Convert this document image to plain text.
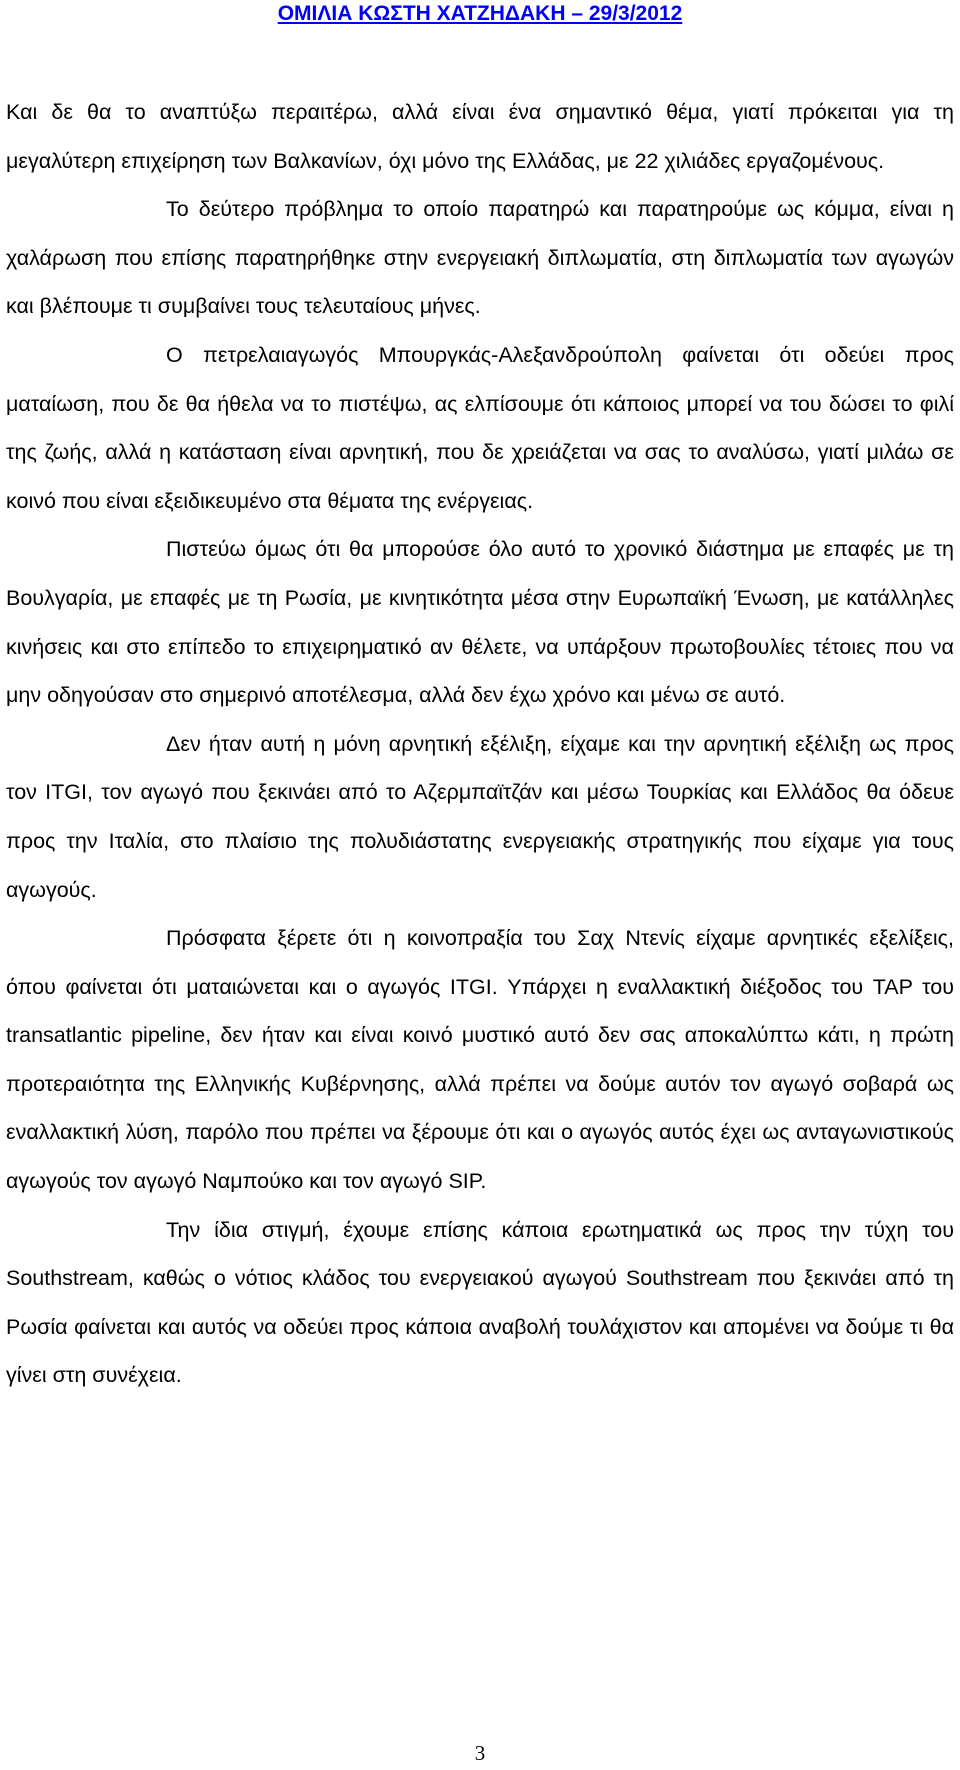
ΟΜΙΛΙΑ ΚΩΣΤΗ ΧΑΤΖΗΔΑΚΗ – 29/3/2012

Και δε θα το αναπτύξω περαιτέρω, αλλά είναι ένα σημαντικό θέμα, γιατί πρόκειται για τη μεγαλύτερη επιχείρηση των Βαλκανίων, όχι μόνο της Ελλάδας, με 22 χιλιάδες εργαζομένους.

Το δεύτερο πρόβλημα το οποίο παρατηρώ και παρατηρούμε ως κόμμα, είναι η χαλάρωση που επίσης παρατηρήθηκε στην ενεργειακή διπλωματία, στη διπλωματία των αγωγών και βλέπουμε τι συμβαίνει τους τελευταίους μήνες.

Ο πετρελαιαγωγός Μπουργκάς-Αλεξανδρούπολη φαίνεται ότι οδεύει προς ματαίωση, που δε θα ήθελα να το πιστέψω, ας ελπίσουμε ότι κάποιος μπορεί να του δώσει το φιλί της ζωής, αλλά η κατάσταση είναι αρνητική, που δε χρειάζεται να σας το αναλύσω, γιατί μιλάω σε κοινό που είναι εξειδικευμένο στα θέματα της ενέργειας.

Πιστεύω όμως ότι θα μπορούσε όλο αυτό το χρονικό διάστημα με επαφές με τη Βουλγαρία, με επαφές με τη Ρωσία, με κινητικότητα μέσα στην Ευρωπαϊκή Ένωση, με κατάλληλες κινήσεις και στο επίπεδο το επιχειρηματικό αν θέλετε, να υπάρξουν πρωτοβουλίες τέτοιες που να μην οδηγούσαν στο σημερινό αποτέλεσμα, αλλά δεν έχω χρόνο και μένω σε αυτό.

Δεν ήταν αυτή η μόνη αρνητική εξέλιξη, είχαμε και την αρνητική εξέλιξη ως προς τον ITGI, τον αγωγό που ξεκινάει από το Αζερμπαϊτζάν και μέσω Τουρκίας και Ελλάδος θα όδευε προς την Ιταλία, στο πλαίσιο της πολυδιάστατης ενεργειακής στρατηγικής που είχαμε για τους αγωγούς.

Πρόσφατα ξέρετε ότι η κοινοπραξία του Σαχ Ντενίς είχαμε αρνητικές εξελίξεις, όπου φαίνεται ότι ματαιώνεται και ο αγωγός ITGI. Υπάρχει η εναλλακτική διέξοδος του TAP του transatlantic pipeline, δεν ήταν και είναι κοινό μυστικό αυτό δεν σας αποκαλύπτω κάτι, η πρώτη προτεραιότητα της Ελληνικής Κυβέρνησης, αλλά πρέπει να δούμε αυτόν τον αγωγό σοβαρά ως εναλλακτική λύση, παρόλο που πρέπει να ξέρουμε ότι και ο αγωγός αυτός έχει ως ανταγωνιστικούς αγωγούς τον αγωγό Ναμπούκο και τον αγωγό SIP.

Την ίδια στιγμή, έχουμε επίσης κάποια ερωτηματικά ως προς την τύχη του Southstream, καθώς ο νότιος κλάδος του ενεργειακού αγωγού Southstream που ξεκινάει από τη Ρωσία φαίνεται και αυτός να οδεύει προς κάποια αναβολή τουλάχιστον και απομένει να δούμε τι θα γίνει στη συνέχεια.

3
